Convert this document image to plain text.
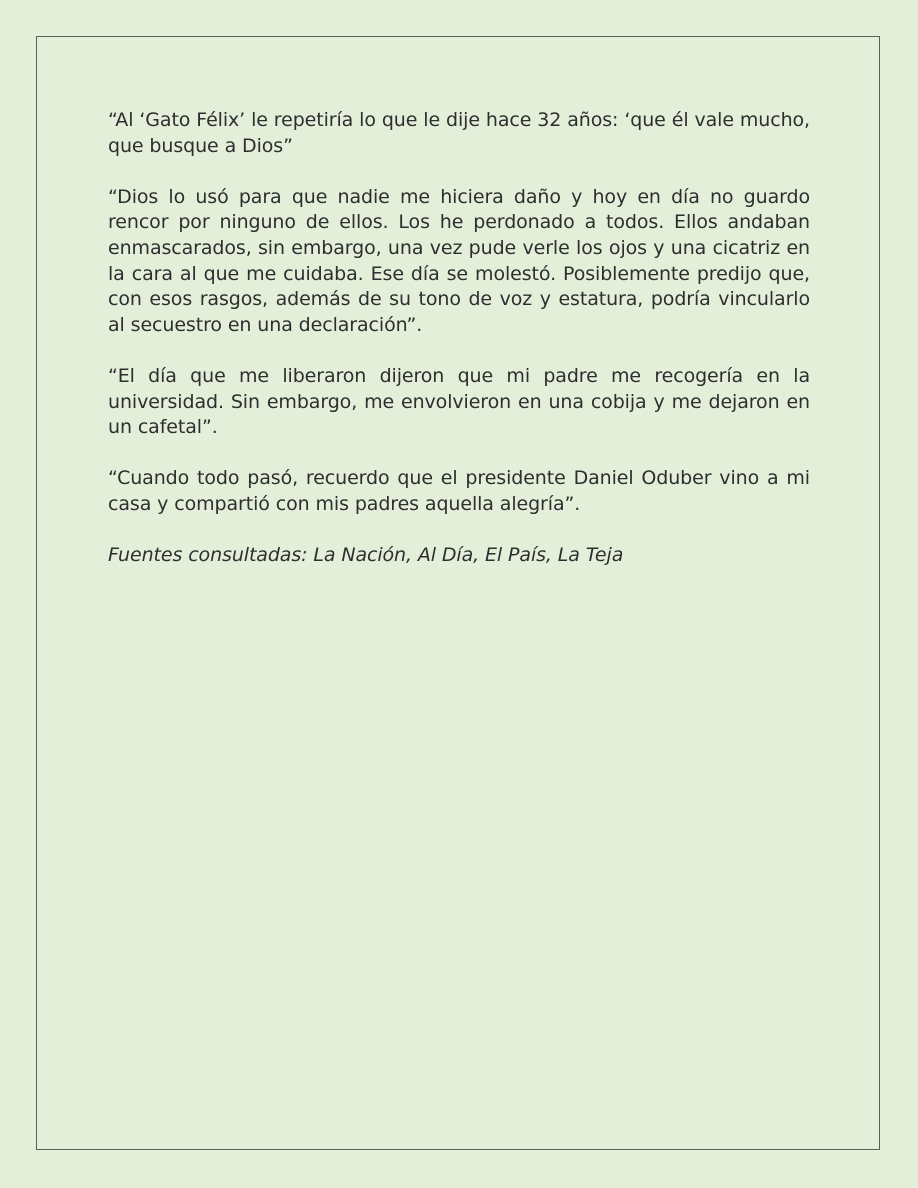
“Al ‘Gato Félix’ le repetiría lo que le dije hace 32 años: ‘que él vale mucho, que busque a Dios”

“Dios lo usó para que nadie me hiciera daño y hoy en día no guardo rencor por ninguno de ellos. Los he perdonado a todos. Ellos andaban enmascarados, sin embargo, una vez pude verle los ojos y una cicatriz en la cara al que me cuidaba. Ese día se molestó. Posiblemente predijo que, con esos rasgos, además de su tono de voz y estatura, podría vincularlo al secuestro en una declaración”.

“El día que me liberaron dijeron que mi padre me recogería en la universidad. Sin embargo, me envolvieron en una cobija y me dejaron en un cafetal”.

“Cuando todo pasó, recuerdo que el presidente Daniel Oduber vino a mi casa y compartió con mis padres aquella alegría”.

Fuentes consultadas: La Nación, Al Día, El País, La Teja
